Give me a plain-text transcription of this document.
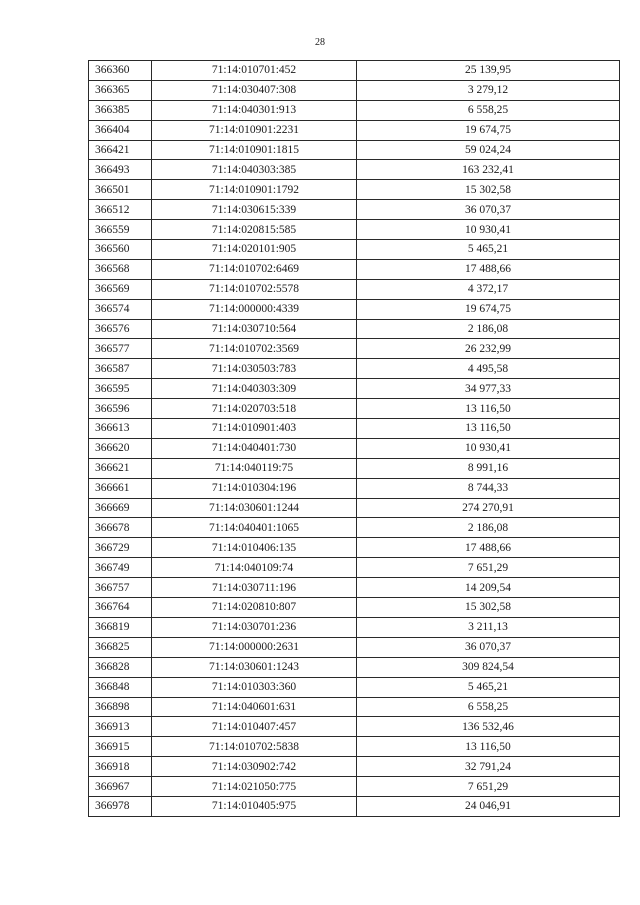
28
366360	71:14:010701:452	25 139,95
366365	71:14:030407:308	3 279,12
366385	71:14:040301:913	6 558,25
366404	71:14:010901:2231	19 674,75
366421	71:14:010901:1815	59 024,24
366493	71:14:040303:385	163 232,41
366501	71:14:010901:1792	15 302,58
366512	71:14:030615:339	36 070,37
366559	71:14:020815:585	10 930,41
366560	71:14:020101:905	5 465,21
366568	71:14:010702:6469	17 488,66
366569	71:14:010702:5578	4 372,17
366574	71:14:000000:4339	19 674,75
366576	71:14:030710:564	2 186,08
366577	71:14:010702:3569	26 232,99
366587	71:14:030503:783	4 495,58
366595	71:14:040303:309	34 977,33
366596	71:14:020703:518	13 116,50
366613	71:14:010901:403	13 116,50
366620	71:14:040401:730	10 930,41
366621	71:14:040119:75	8 991,16
366661	71:14:010304:196	8 744,33
366669	71:14:030601:1244	274 270,91
366678	71:14:040401:1065	2 186,08
366729	71:14:010406:135	17 488,66
366749	71:14:040109:74	7 651,29
366757	71:14:030711:196	14 209,54
366764	71:14:020810:807	15 302,58
366819	71:14:030701:236	3 211,13
366825	71:14:000000:2631	36 070,37
366828	71:14:030601:1243	309 824,54
366848	71:14:010303:360	5 465,21
366898	71:14:040601:631	6 558,25
366913	71:14:010407:457	136 532,46
366915	71:14:010702:5838	13 116,50
366918	71:14:030902:742	32 791,24
366967	71:14:021050:775	7 651,29
366978	71:14:010405:975	24 046,91
